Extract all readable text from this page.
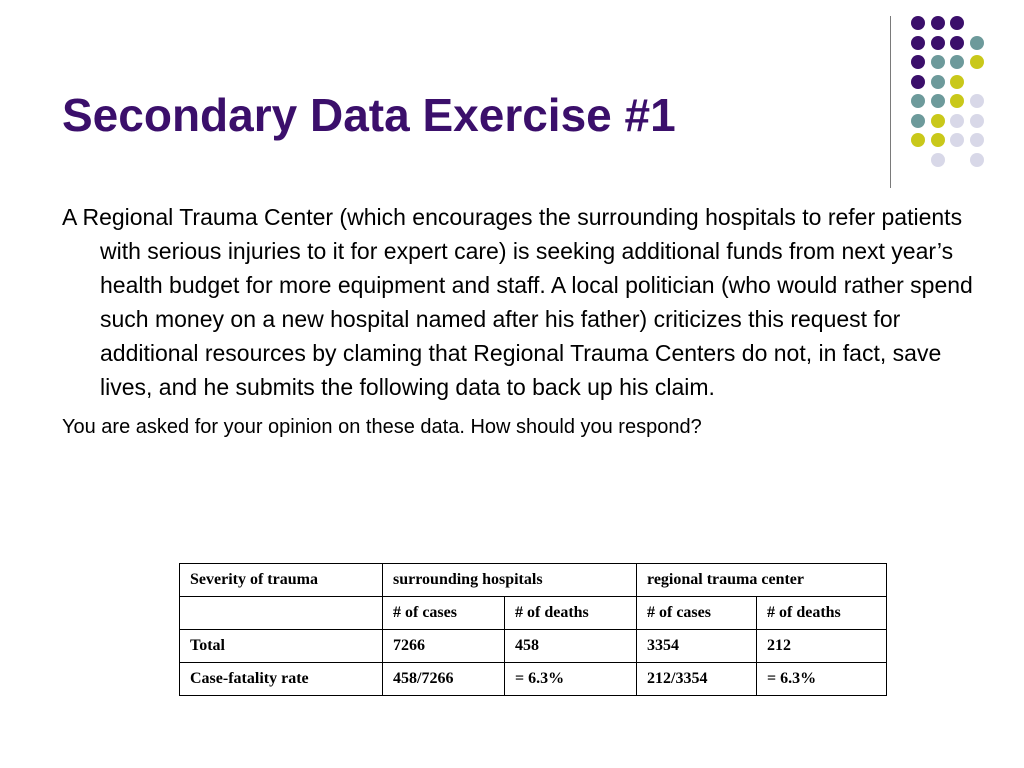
Secondary Data Exercise #1

A Regional Trauma Center (which encourages the surrounding hospitals to refer patients with serious injuries to it for expert care) is seeking additional funds from next year’s health budget for more equipment and staff. A local politician (who would rather spend such money on a new hospital named after his father) criticizes this request for additional resources by claming that Regional Trauma Centers do not, in fact, save lives, and he submits the following data to back up his claim.

You are asked for your opinion on these data. How should you respond?

Severity of trauma	surrounding hospitals		regional trauma center	
	# of cases	# of deaths	# of cases	# of deaths
Total	7266	458	3354	212
Case-fatality rate	458/7266	= 6.3%	212/3354	= 6.3%
